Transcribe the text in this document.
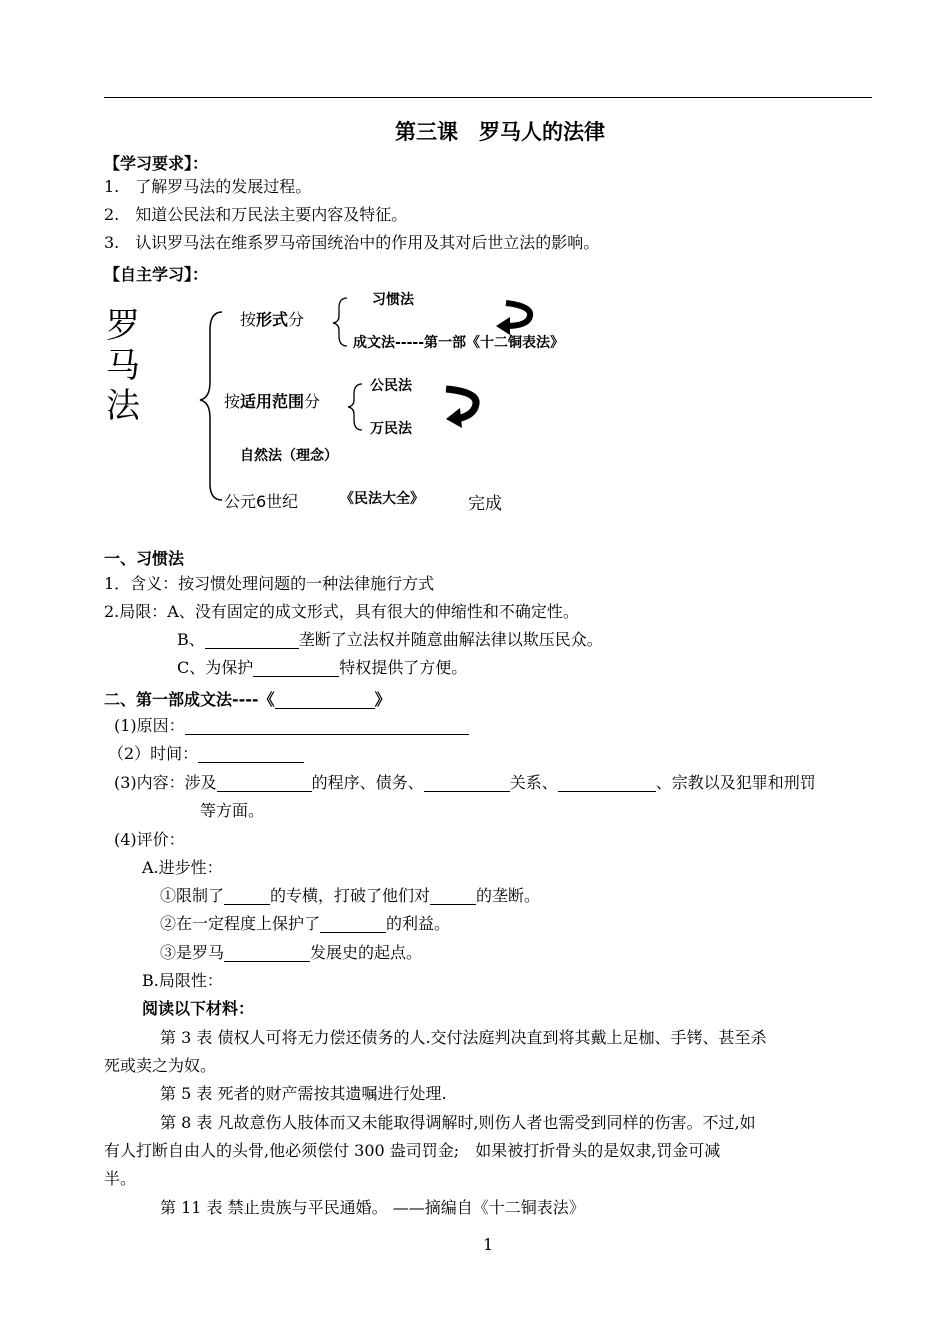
第三课　罗马人的法律
【学习要求】：
1.　了解罗马法的发展过程。
2.　知道公民法和万民法主要内容及特征。
3.　认识罗马法在维系罗马帝国统治中的作用及其对后世立法的影响。
【自主学习】：
罗
马
法
按形式分
习惯法
成文法-----第一部《十二铜表法》
按适用范围分
公民法
万民法
自然法（理念）
公元6世纪	《民法大全》	完成
一、习惯法
1．含义：按习惯处理问题的一种法律施行方式
2.局限：A、没有固定的成文形式，具有很大的伸缩性和不确定性。
B、	垄断了立法权并随意曲解法律以欺压民众。
C、为保护	特权提供了方便。
二、第一部成文法----《	》
(1)原因：
（2）时间：
(3)内容：涉及	的程序、债务、	关系、	、宗教以及犯罪和刑罚
等方面。
(4)评价：
A.进步性：
①限制了	的专横，打破了他们对	的垄断。
②在一定程度上保护了	的利益。
③是罗马	发展史的起点。
B.局限性：
阅读以下材料：
第 3 表 债权人可将无力偿还债务的人.交付法庭判决直到将其戴上足枷、手铐、甚至杀
死或卖之为奴。
第 5 表 死者的财产需按其遗嘱进行处理.
第 8 表 凡故意伤人肢体而又未能取得调解时,则伤人者也需受到同样的伤害。不过,如
有人打断自由人的头骨,他必须偿付 300 盎司罚金;　如果被打折骨头的是奴隶,罚金可减
半。
第 11 表 禁止贵族与平民通婚。 ——摘编自《十二铜表法》
1
